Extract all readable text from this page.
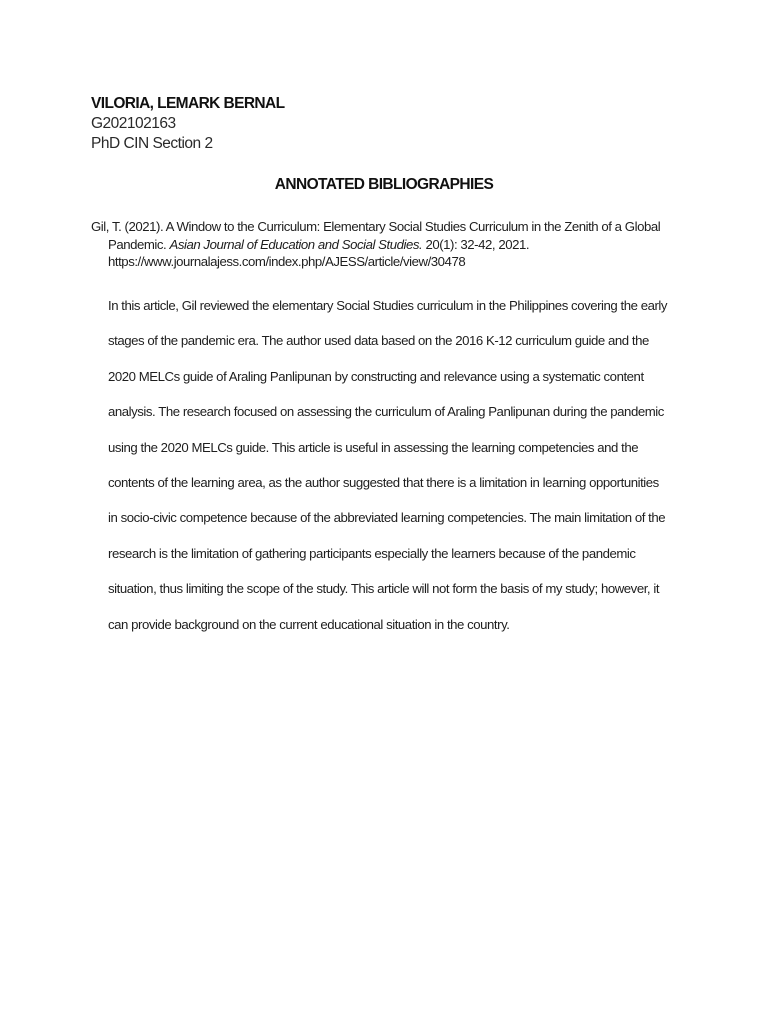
VILORIA, LEMARK BERNAL
G202102163
PhD CIN Section 2
ANNOTATED BIBLIOGRAPHIES
Gil, T. (2021). A Window to the Curriculum: Elementary Social Studies Curriculum in the Zenith of a Global Pandemic. Asian Journal of Education and Social Studies. 20(1): 32-42, 2021.
https://www.journalajess.com/index.php/AJESS/article/view/30478
In this article, Gil reviewed the elementary Social Studies curriculum in the Philippines covering the early
stages of the pandemic era. The author used data based on the 2016 K-12 curriculum guide and the
2020 MELCs guide of Araling Panlipunan by constructing and relevance using a systematic content
analysis. The research focused on assessing the curriculum of Araling Panlipunan during the pandemic
using the 2020 MELCs guide. This article is useful in assessing the learning competencies and the
contents of the learning area, as the author suggested that there is a limitation in learning opportunities
in socio-civic competence because of the abbreviated learning competencies. The main limitation of the
research is the limitation of gathering participants especially the learners because of the pandemic
situation, thus limiting the scope of the study. This article will not form the basis of my study; however, it
can provide background on the current educational situation in the country.
